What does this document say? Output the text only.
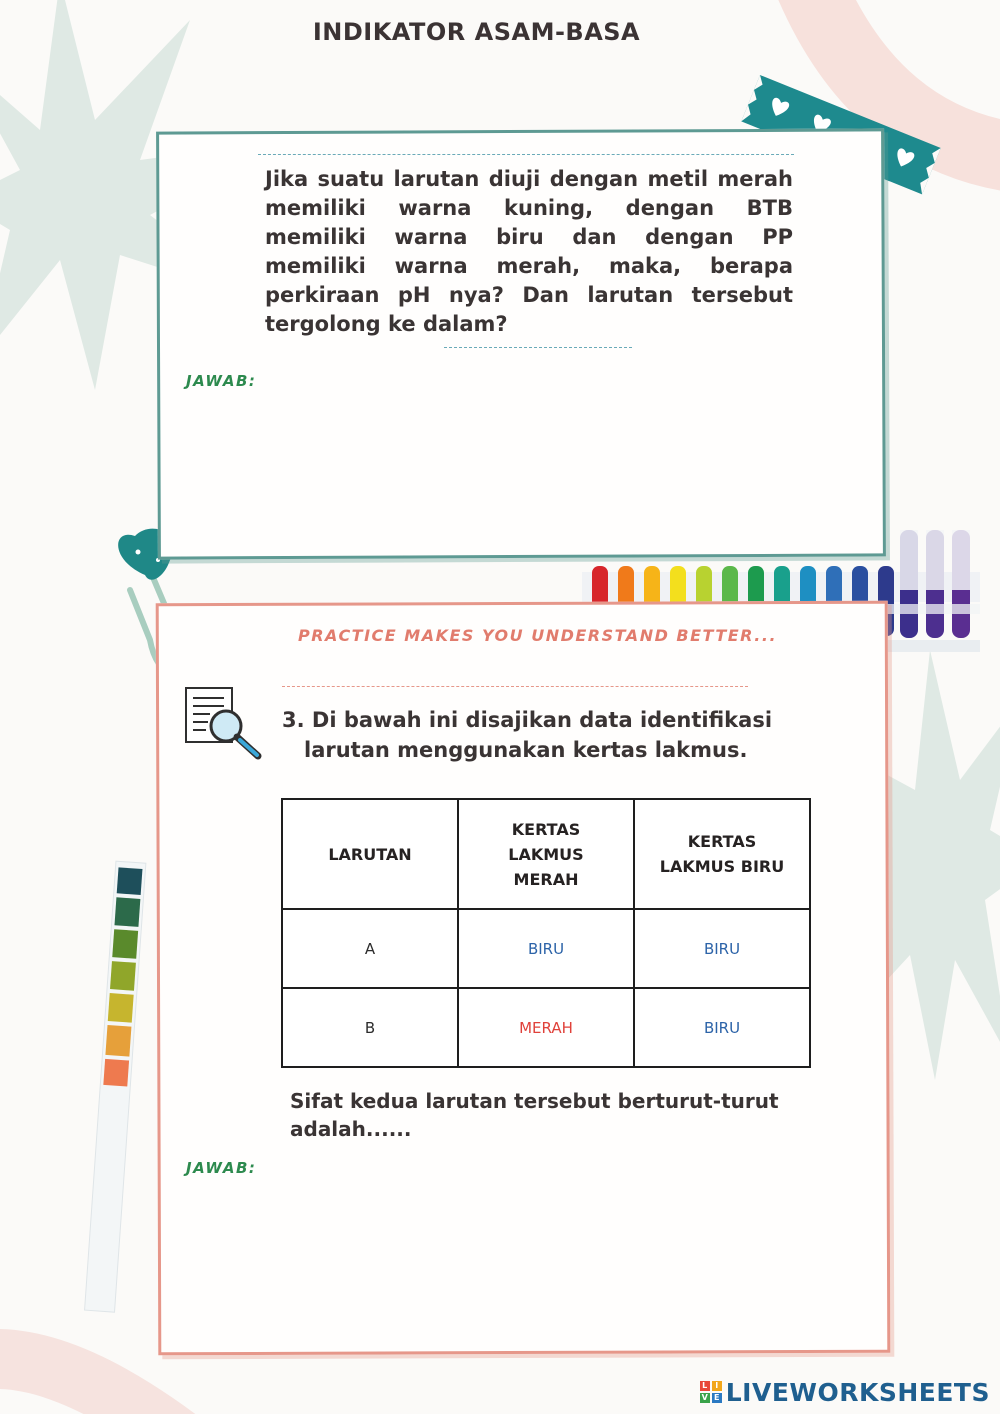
INDIKATOR ASAM-BASA
Jika suatu larutan diuji dengan metil merah memiliki warna kuning, dengan BTB memiliki warna biru dan dengan PP memiliki warna merah, maka, berapa perkiraan pH nya? Dan larutan tersebut tergolong ke dalam?
JAWAB:
PRACTICE MAKES YOU UNDERSTAND BETTER...
3. Di bawah ini disajikan data identifikasi
larutan menggunakan kertas lakmus.
LARUTAN	KERTAS LAKMUS MERAH	KERTAS LAKMUS BIRU
A	BIRU	BIRU
B	MERAH	BIRU
Sifat kedua larutan tersebut berturut-turut adalah......
JAWAB:
L I
V E LIVEWORKSHEETS
